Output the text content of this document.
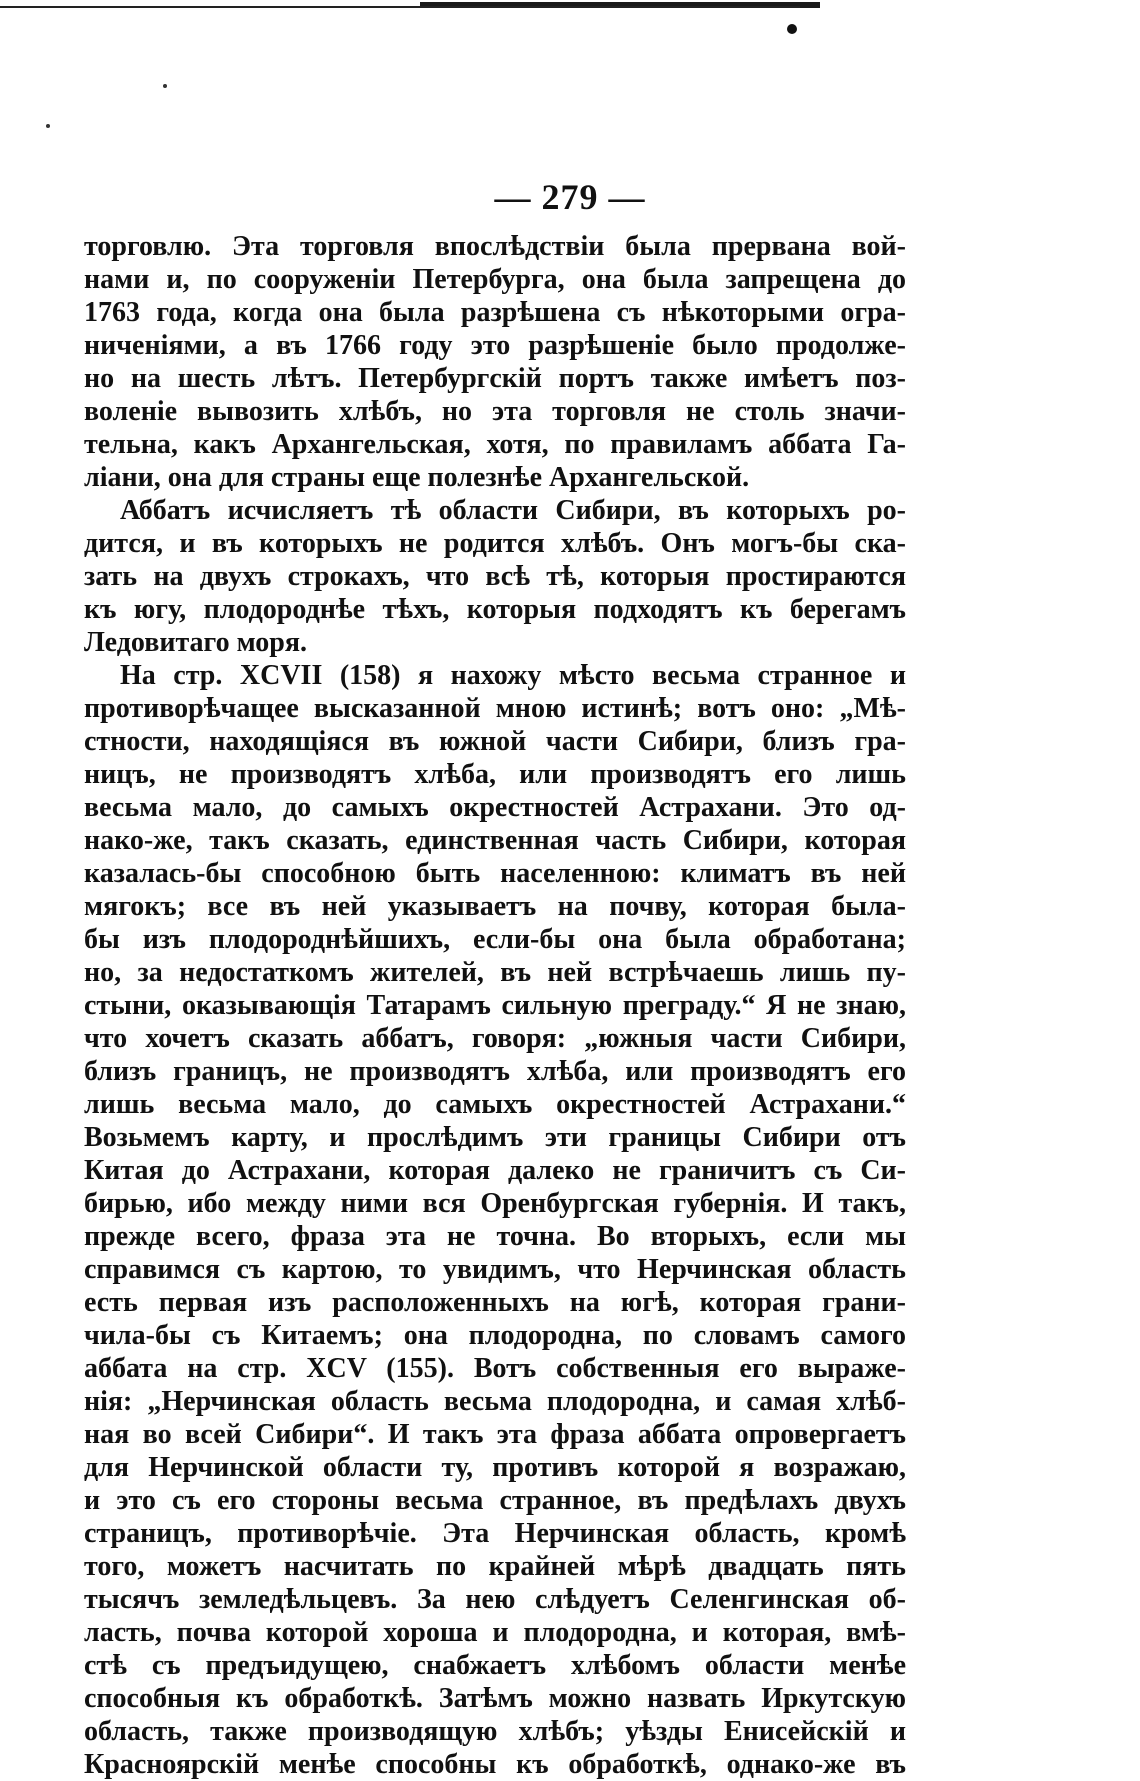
— 279 —
торговлю. Эта торговля впослѣдствіи была прервана вой-
нами и, по сооруженіи Петербурга, она была запрещена до
1763 года, когда она была разрѣшена съ нѣкоторыми огра-
ниченіями, а въ 1766 году это разрѣшеніе было продолже-
но на шесть лѣтъ. Петербургскій портъ также имѣетъ поз-
воленіе вывозить хлѣбъ, но эта торговля не столь значи-
тельна, какъ Архангельская, хотя, по правиламъ аббата Га-
ліани, она для страны еще полезнѣе Архангельской.
Аббатъ исчисляетъ тѣ области Сибири, въ которыхъ ро-
дится, и въ которыхъ не родится хлѣбъ. Онъ могъ-бы ска-
зать на двухъ строкахъ, что всѣ тѣ, которыя простираются
къ югу, плодороднѣе тѣхъ, которыя подходятъ къ берегамъ
Ледовитаго моря.
На стр. XCVII (158) я нахожу мѣсто весьма странное и
противорѣчащее высказанной мною истинѣ; вотъ оно: „Мѣ-
стности, находящіяся въ южной части Сибири, близъ гра-
ницъ, не производятъ хлѣба, или производятъ его лишь
весьма мало, до самыхъ окрестностей Астрахани. Это од-
нако-же, такъ сказать, единственная часть Сибири, которая
казалась-бы способною быть населенною: климатъ въ ней
мягокъ; все въ ней указываетъ на почву, которая была-
бы изъ плодороднѣйшихъ, если-бы она была обработана;
но, за недостаткомъ жителей, въ ней встрѣчаешь лишь пу-
стыни, оказывающія Татарамъ сильную преграду.“ Я не знаю,
что хочетъ сказать аббатъ, говоря: „южныя части Сибири,
близъ границъ, не производятъ хлѣба, или производятъ его
лишь весьма мало, до самыхъ окрестностей Астрахани.“
Возьмемъ карту, и прослѣдимъ эти границы Сибири отъ
Китая до Астрахани, которая далеко не граничитъ съ Си-
бирью, ибо между ними вся Оренбургская губернія. И такъ,
прежде всего, фраза эта не точна. Во вторыхъ, если мы
справимся съ картою, то увидимъ, что Нерчинская область
есть первая изъ расположенныхъ на югѣ, которая грани-
чила-бы съ Китаемъ; она плодородна, по словамъ самого
аббата на стр. XCV (155). Вотъ собственныя его выраже-
нія: „Нерчинская область весьма плодородна, и самая хлѣб-
ная во всей Сибири“. И такъ эта фраза аббата опровергаетъ
для Нерчинской области ту, противъ которой я возражаю,
и это съ его стороны весьма странное, въ предѣлахъ двухъ
страницъ, противорѣчіе. Эта Нерчинская область, кромѣ
того, можетъ насчитать по крайней мѣрѣ двадцать пять
тысячъ земледѣльцевъ. За нею слѣдуетъ Селенгинская об-
ласть, почва которой хороша и плодородна, и которая, вмѣ-
стѣ съ предъидущею, снабжаетъ хлѣбомъ области менѣе
способныя къ обработкѣ. Затѣмъ можно назвать Иркутскую
область, также производящую хлѣбъ; уѣзды Енисейскій и
Красноярскій менѣе способны къ обработкѣ, однако-же въ
